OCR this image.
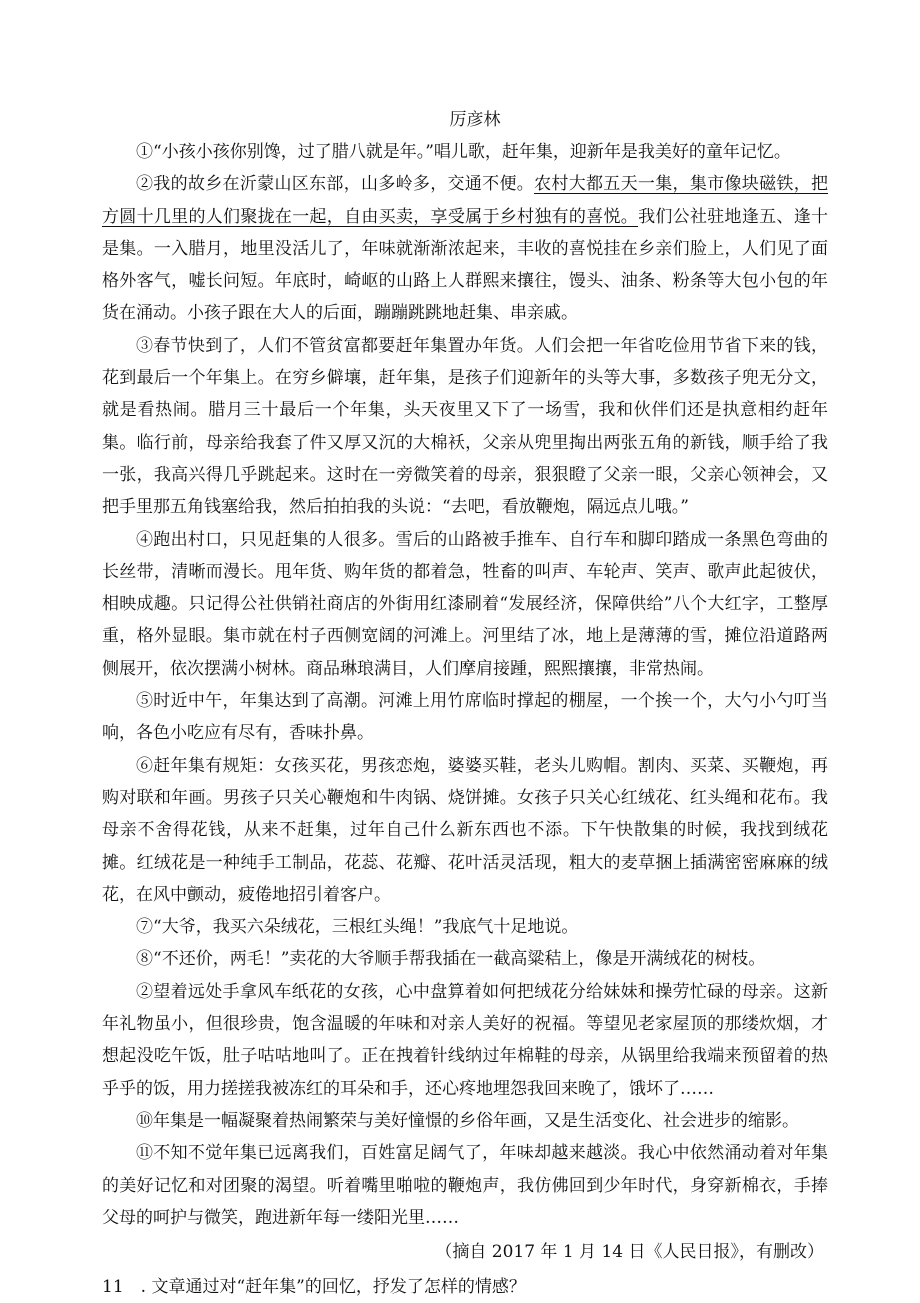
厉彦林

①“小孩小孩你别馋，过了腊八就是年。”唱儿歌，赶年集，迎新年是我美好的童年记忆。

②我的故乡在沂蒙山区东部，山多岭多，交通不便。农村大都五天一集，集市像块磁铁，把方圆十几里的人们聚拢在一起，自由买卖，享受属于乡村独有的喜悦。我们公社驻地逢五、逢十是集。一入腊月，地里没活儿了，年味就渐渐浓起来，丰收的喜悦挂在乡亲们脸上，人们见了面格外客气，嘘长问短。年底时，崎岖的山路上人群熙来攘往，馒头、油条、粉条等大包小包的年货在涌动。小孩子跟在大人的后面，蹦蹦跳跳地赶集、串亲戚。

③春节快到了，人们不管贫富都要赶年集置办年货。人们会把一年省吃俭用节省下来的钱，花到最后一个年集上。在穷乡僻壤，赶年集，是孩子们迎新年的头等大事，多数孩子兜无分文，就是看热闹。腊月三十最后一个年集，头天夜里又下了一场雪，我和伙伴们还是执意相约赶年集。临行前，母亲给我套了件又厚又沉的大棉袄，父亲从兜里掏出两张五角的新钱，顺手给了我一张，我高兴得几乎跳起来。这时在一旁微笑着的母亲，狠狠瞪了父亲一眼，父亲心领神会，又把手里那五角钱塞给我，然后拍拍我的头说：“去吧，看放鞭炮，隔远点儿哦。”

④跑出村口，只见赶集的人很多。雪后的山路被手推车、自行车和脚印踏成一条黑色弯曲的长丝带，清晰而漫长。甩年货、购年货的都着急，牲畜的叫声、车轮声、笑声、歌声此起彼伏，相映成趣。只记得公社供销社商店的外街用红漆刷着“发展经济，保障供给”八个大红字，工整厚重，格外显眼。集市就在村子西侧宽阔的河滩上。河里结了冰，地上是薄薄的雪，摊位沿道路两侧展开，依次摆满小树林。商品琳琅满目，人们摩肩接踵，熙熙攘攘，非常热闹。

⑤时近中午，年集达到了高潮。河滩上用竹席临时撑起的棚屋，一个挨一个，大勺小勺叮当响，各色小吃应有尽有，香味扑鼻。

⑥赶年集有规矩：女孩买花，男孩恋炮，婆婆买鞋，老头儿购帽。割肉、买菜、买鞭炮，再购对联和年画。男孩子只关心鞭炮和牛肉锅、烧饼摊。女孩子只关心红绒花、红头绳和花布。我母亲不舍得花钱，从来不赶集，过年自己什么新东西也不添。下午快散集的时候，我找到绒花摊。红绒花是一种纯手工制品，花蕊、花瓣、花叶活灵活现，粗大的麦草捆上插满密密麻麻的绒花，在风中颤动，疲倦地招引着客户。

⑦“大爷，我买六朵绒花，三根红头绳！”我底气十足地说。

⑧“不还价，两毛！”卖花的大爷顺手帮我插在一截高粱秸上，像是开满绒花的树枝。

②望着远处手拿风车纸花的女孩，心中盘算着如何把绒花分给妹妹和操劳忙碌的母亲。这新年礼物虽小，但很珍贵，饱含温暖的年味和对亲人美好的祝福。等望见老家屋顶的那缕炊烟，才想起没吃午饭，肚子咕咕地叫了。正在拽着针线纳过年棉鞋的母亲，从锅里给我端来预留着的热乎乎的饭，用力搓搓我被冻红的耳朵和手，还心疼地埋怨我回来晚了，饿坏了……

⑩年集是一幅凝聚着热闹繁荣与美好憧憬的乡俗年画，又是生活变化、社会进步的缩影。

⑪不知不觉年集已远离我们，百姓富足阔气了，年味却越来越淡。我心中依然涌动着对年集的美好记忆和对团聚的渴望。听着嘴里啪啦的鞭炮声，我仿佛回到少年时代，身穿新棉衣，手捧父母的呵护与微笑，跑进新年每一缕阳光里……

（摘自 2017 年 1 月 14 日《人民日报》，有删改）
11　. 文章通过对“赶年集”的回忆，抒发了怎样的情感？
